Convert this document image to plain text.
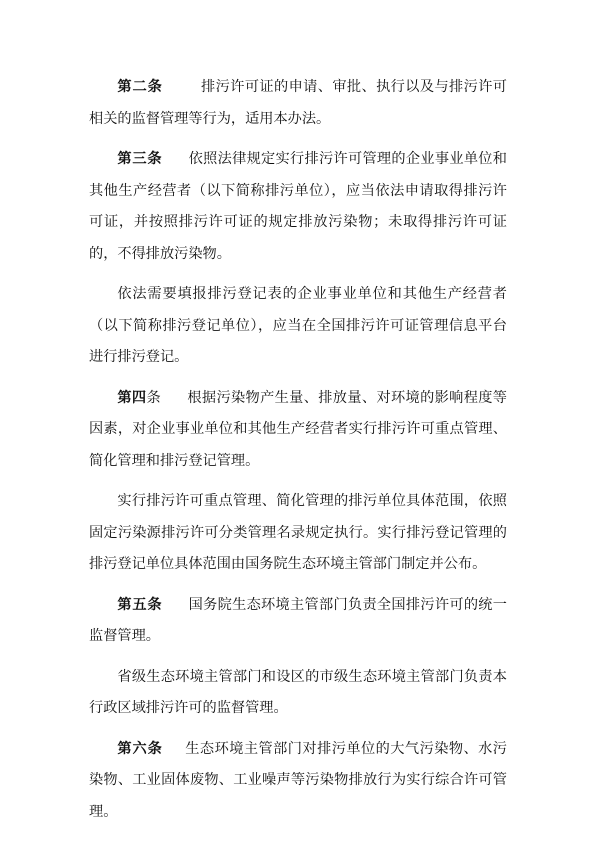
第二条	排污许可证的申请、审批、执行以及与排污许可相关的监督管理等行为，适用本办法。

第三条 依照法律规定实行排污许可管理的企业事业单位和其他生产经营者（以下简称排污单位），应当依法申请取得排污许可证，并按照排污许可证的规定排放污染物；未取得排污许可证的，不得排放污染物。

依法需要填报排污登记表的企业事业单位和其他生产经营者（以下简称排污登记单位），应当在全国排污许可证管理信息平台进行排污登记。

第四条 根据污染物产生量、排放量、对环境的影响程度等因素，对企业事业单位和其他生产经营者实行排污许可重点管理、简化管理和排污登记管理。

实行排污许可重点管理、简化管理的排污单位具体范围，依照固定污染源排污许可分类管理名录规定执行。实行排污登记管理的排污登记单位具体范围由国务院生态环境主管部门制定并公布。

第五条 国务院生态环境主管部门负责全国排污许可的统一监督管理。

省级生态环境主管部门和设区的市级生态环境主管部门负责本行政区域排污许可的监督管理。

第六条 生态环境主管部门对排污单位的大气污染物、水污染物、工业固体废物、工业噪声等污染物排放行为实行综合许可管理。
